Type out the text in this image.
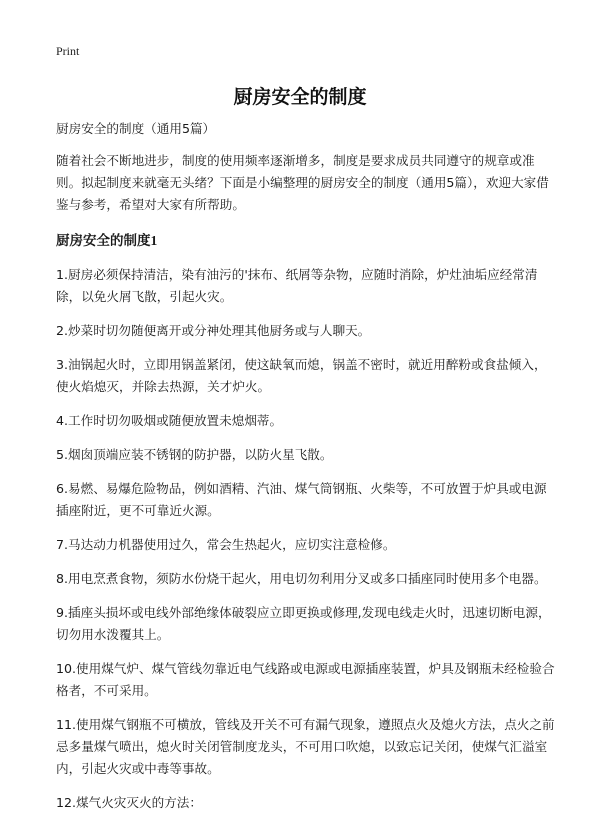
Print
厨房安全的制度

厨房安全的制度（通用5篇）

随着社会不断地进步，制度的使用频率逐渐增多，制度是要求成员共同遵守的规章或准则。拟起制度来就毫无头绪？下面是小编整理的厨房安全的制度（通用5篇），欢迎大家借鉴与参考，希望对大家有所帮助。

厨房安全的制度1

1.厨房必须保持清洁，染有油污的'抹布、纸屑等杂物，应随时消除，炉灶油垢应经常清除，以免火屑飞散，引起火灾。

2.炒菜时切勿随便离开或分神处理其他厨务或与人聊天。

3.油锅起火时，立即用锅盖紧闭，使这缺氧而熄，锅盖不密时，就近用醉粉或食盐倾入，使火焰熄灭，并除去热源，关才炉火。

4.工作时切勿吸烟或随便放置未熄烟蒂。

5.烟囱顶端应装不锈钢的防护器，以防火星飞散。

6.易燃、易爆危险物品，例如酒精、汽油、煤气筒钢瓶、火柴等，不可放置于炉具或电源插座附近，更不可靠近火源。

7.马达动力机器使用过久，常会生热起火，应切实注意检修。

8.用电烹煮食物，须防水份烧干起火，用电切勿利用分叉或多口插座同时使用多个电器。

9.插座头损坏或电线外部绝缘体破裂应立即更换或修理,发现电线走火时，迅速切断电源，切勿用水泼覆其上。

10.使用煤气炉、煤气管线勿靠近电气线路或电源或电源插座装置，炉具及钢瓶未经检验合格者，不可采用。

11.使用煤气钢瓶不可横放，管线及开关不可有漏气现象，遵照点火及熄火方法，点火之前忌多量煤气喷出，熄火时关闭管制度龙头，不可用口吹熄，以致忘记关闭，使煤气汇溢室内，引起火灾或中毒等事故。

12.煤气火灾灭火的方法：
